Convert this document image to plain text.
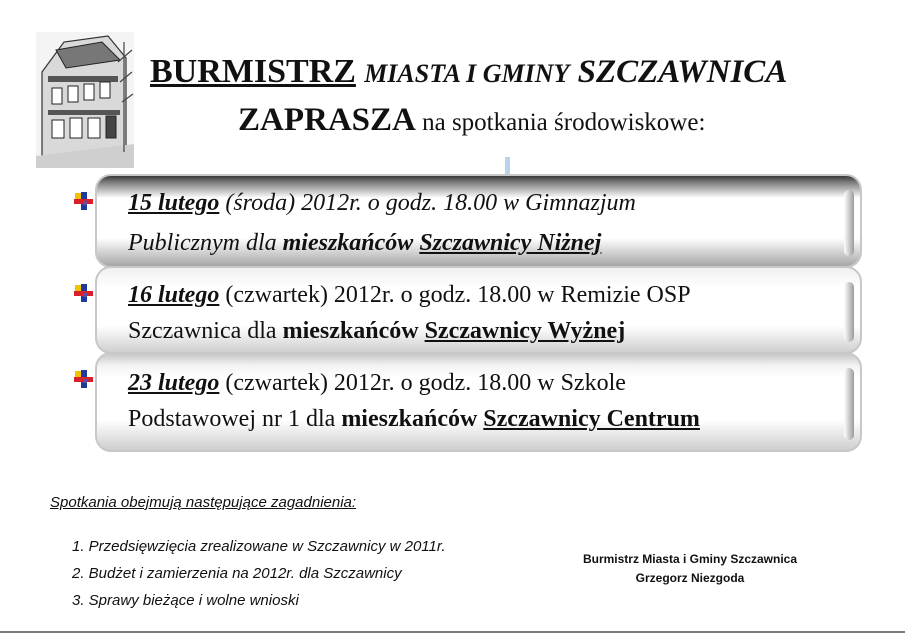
BURMISTRZ MIASTA I GMINY SZCZAWNICA
ZAPRASZA na spotkania środowiskowe:
15 lutego (środa) 2012r. o godz. 18.00 w Gimnazjum
Publicznym dla mieszkańców Szczawnicy Niżnej
16 lutego (czwartek) 2012r. o godz. 18.00 w Remizie OSP
Szczawnica dla mieszkańców Szczawnicy Wyżnej
23 lutego (czwartek) 2012r. o godz. 18.00 w Szkole
Podstawowej nr 1 dla mieszkańców Szczawnicy Centrum
Spotkania obejmują następujące zagadnienia:
1. Przedsięwzięcia zrealizowane w Szczawnicy w 2011r.
2. Budżet i zamierzenia na 2012r. dla Szczawnicy
3. Sprawy bieżące i wolne wnioski
Burmistrz Miasta i Gminy Szczawnica
Grzegorz Niezgoda
